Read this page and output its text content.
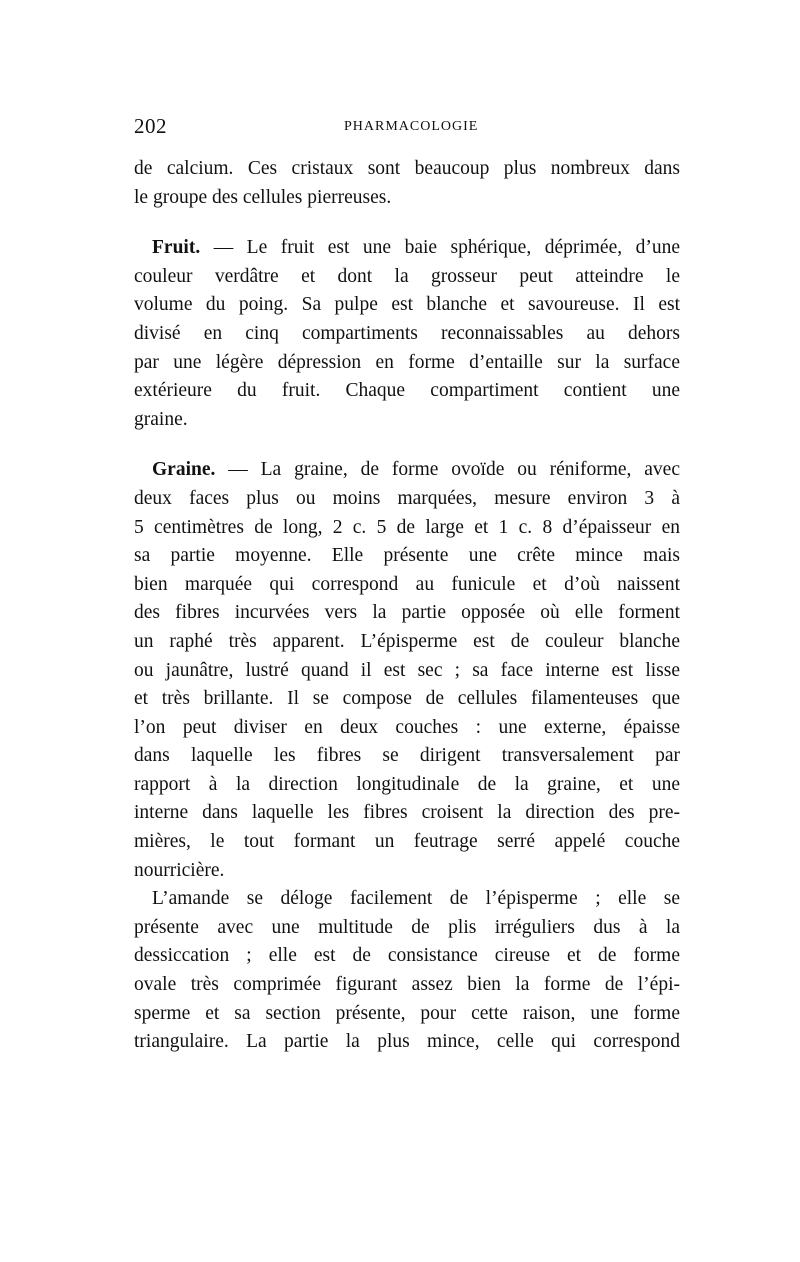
202	PHARMACOLOGIE
de calcium. Ces cristaux sont beaucoup plus nombreux dans
le groupe des cellules pierreuses.
Fruit. — Le fruit est une baie sphérique, déprimée, d’une
couleur verdâtre et dont la grosseur peut atteindre le
volume du poing. Sa pulpe est blanche et savoureuse. Il est
divisé en cinq compartiments reconnaissables au dehors
par une légère dépression en forme d’entaille sur la surface
extérieure du fruit. Chaque compartiment contient une
graine.
Graine. — La graine, de forme ovoïde ou réniforme, avec
deux faces plus ou moins marquées, mesure environ 3 à
5 centimètres de long, 2 c. 5 de large et 1 c. 8 d’épaisseur en
sa partie moyenne. Elle présente une crête mince mais
bien marquée qui correspond au funicule et d’où naissent
des fibres incurvées vers la partie opposée où elle forment
un raphé très apparent. L’épisperme est de couleur blanche
ou jaunâtre, lustré quand il est sec ; sa face interne est lisse
et très brillante. Il se compose de cellules filamenteuses que
l’on peut diviser en deux couches : une externe, épaisse
dans laquelle les fibres se dirigent transversalement par
rapport à la direction longitudinale de la graine, et une
interne dans laquelle les fibres croisent la direction des pre-
mières, le tout formant un feutrage serré appelé couche
nourricière.
L’amande se déloge facilement de l’épisperme ; elle se
présente avec une multitude de plis irréguliers dus à la
dessiccation ; elle est de consistance cireuse et de forme
ovale très comprimée figurant assez bien la forme de l’épi-
sperme et sa section présente, pour cette raison, une forme
triangulaire. La partie la plus mince, celle qui correspond
